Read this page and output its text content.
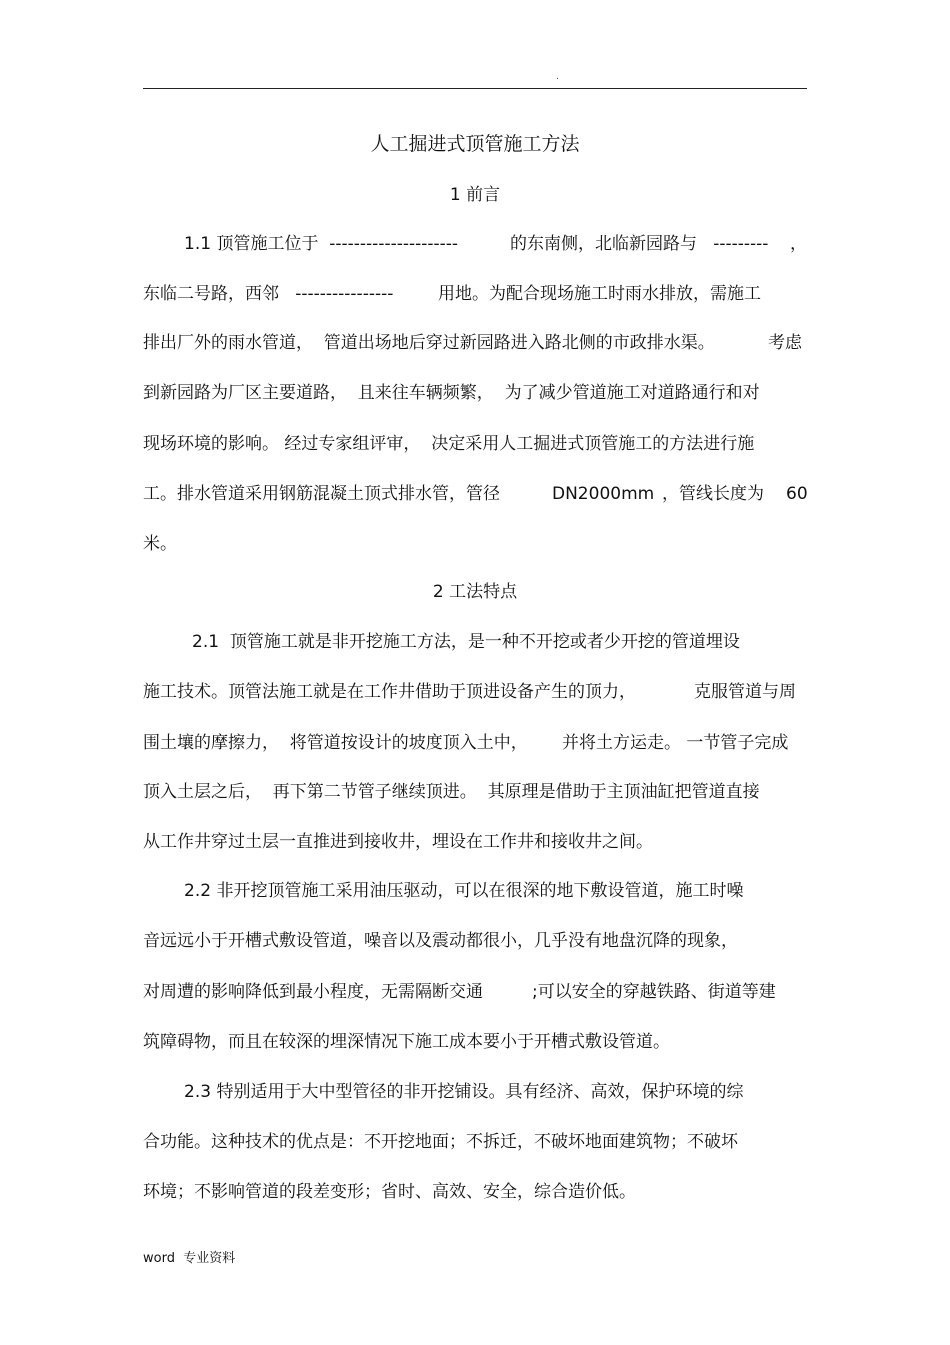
.
人工掘进式顶管施工方法
1 前言
1.1 顶管施工位于  ---------------------	的东南侧，北临新园路与   --------- ，
东临二号路，西邻   ----------------	用地。为配合现场施工时雨水排放，需施工
排出厂外的雨水管道，  管道出场地后穿过新园路进入路北侧的市政排水渠。	考虑
到新园路为厂区主要道路，  且来往车辆频繁，  为了减少管道施工对道路通行和对
现场环境的影响。 经过专家组评审，  决定采用人工掘进式顶管施工的方法进行施
工。排水管道采用钢筋混凝土顶式排水管，管径	DN2000mm ，管线长度为 60
米。
2 工法特点
2.1  顶管施工就是非开挖施工方法，是一种不开挖或者少开挖的管道埋设
施工技术。顶管法施工就是在工作井借助于顶进设备产生的顶力，	克服管道与周
围土壤的摩擦力，  将管道按设计的坡度顶入土中， 并将土方运走。 一节管子完成
顶入土层之后，  再下第二节管子继续顶进。  其原理是借助于主顶油缸把管道直接
从工作井穿过土层一直推进到接收井，埋设在工作井和接收井之间。
2.2 非开挖顶管施工采用油压驱动，可以在很深的地下敷设管道，施工时噪
音远远小于开槽式敷设管道，噪音以及震动都很小，几乎没有地盘沉降的现象，
对周遭的影响降低到最小程度，无需隔断交通	;可以安全的穿越铁路、街道等建
筑障碍物，而且在较深的埋深情况下施工成本要小于开槽式敷设管道。
2.3 特别适用于大中型管径的非开挖铺设。具有经济、高效，保护环境的综
合功能。这种技术的优点是：不开挖地面；不拆迁，不破坏地面建筑物；不破坏
环境；不影响管道的段差变形；省时、高效、安全，综合造价低。
word  专业资料
